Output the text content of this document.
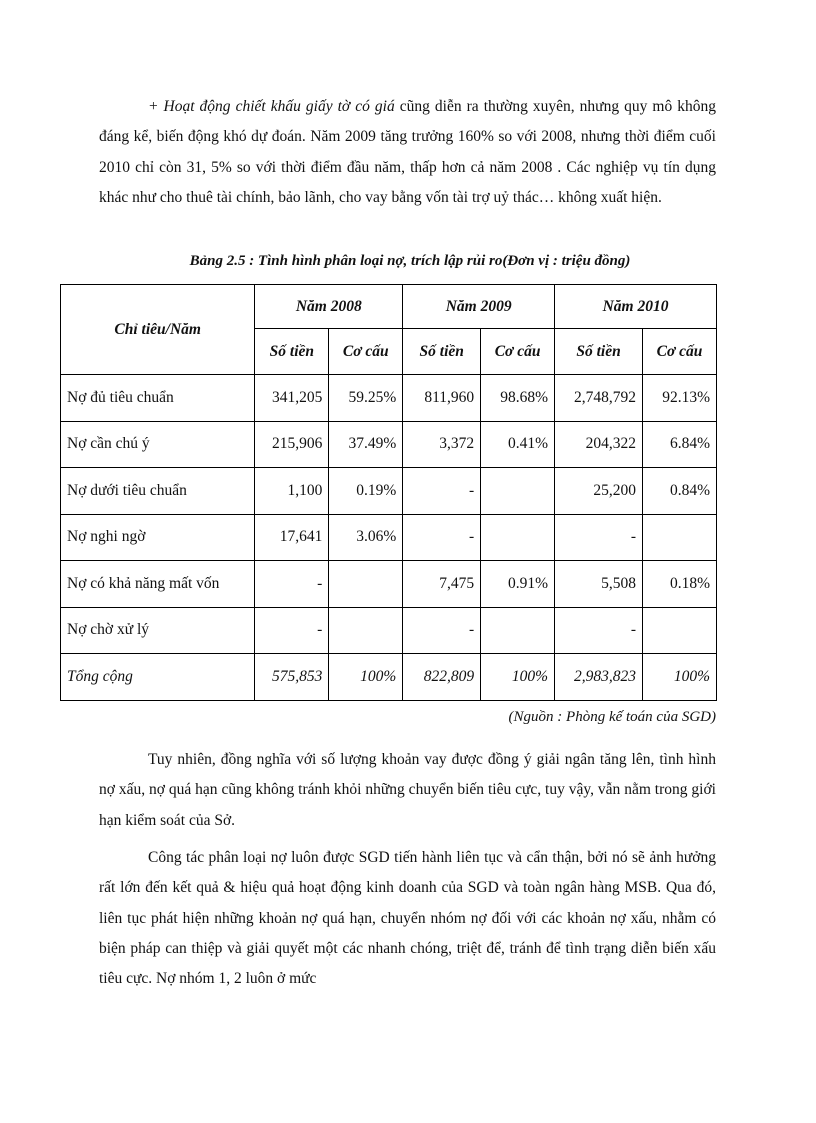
+ Hoạt động chiết khấu giấy tờ có giá cũng diễn ra thường xuyên, nhưng quy mô không đáng kể, biến động khó dự đoán. Năm 2009 tăng trưởng 160% so với 2008, nhưng thời điểm cuối 2010 chỉ còn 31, 5% so với thời điểm đầu năm, thấp hơn cả năm 2008 . Các nghiệp vụ tín dụng khác như cho thuê tài chính, bảo lãnh, cho vay bằng vốn tài trợ uỷ thác… không xuất hiện.

Bảng 2.5 : Tình hình phân loại nợ, trích lập rủi ro(Đơn vị : triệu đồng)
Chỉ tiêu/Năm	Năm 2008		Năm 2009		Năm 2010	
	Số tiền	Cơ cấu	Số tiền	Cơ cấu	Số tiền	Cơ cấu
Nợ đủ tiêu chuẩn	341,205	59.25%	811,960	98.68%	2,748,792	92.13%
Nợ cần chú ý	215,906	37.49%	3,372	0.41%	204,322	6.84%
Nợ dưới tiêu chuẩn	1,100	0.19%	-		25,200	0.84%
Nợ nghi ngờ	17,641	3.06%	-		-	
Nợ có khả năng mất vốn	-		7,475	0.91%	5,508	0.18%
Nợ chờ xử lý	-		-		-	
Tổng cộng	575,853	100%	822,809	100%	2,983,823	100%
(Nguồn : Phòng kế toán của SGD)

Tuy nhiên, đồng nghĩa với số lượng khoản vay được đồng ý giải ngân tăng lên, tình hình nợ xấu, nợ quá hạn cũng không tránh khỏi những chuyển biến tiêu cực, tuy vậy, vẫn nằm trong giới hạn kiểm soát của Sở.

Công tác phân loại nợ luôn được SGD tiến hành liên tục và cẩn thận, bởi nó sẽ ảnh hưởng rất lớn đến kết quả & hiệu quả hoạt động kinh doanh của SGD và toàn ngân hàng MSB. Qua đó, liên tục phát hiện những khoản nợ quá hạn, chuyển nhóm nợ đối với các khoản nợ xấu, nhằm có biện pháp can thiệp và giải quyết một các nhanh chóng, triệt để, tránh để tình trạng diễn biến xấu tiêu cực. Nợ nhóm 1, 2 luôn ở mức
